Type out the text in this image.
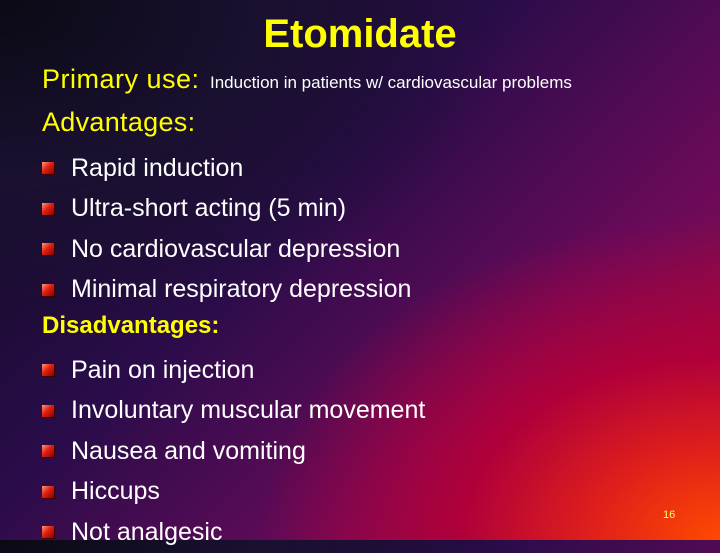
Etomidate
Primary use: Induction in patients w/ cardiovascular problems
Advantages:
Rapid induction
Ultra-short acting (5 min)
No cardiovascular depression
Minimal respiratory depression
Disadvantages:
Pain on injection
Involuntary muscular movement
Nausea and vomiting
Hiccups
Not analgesic
16
